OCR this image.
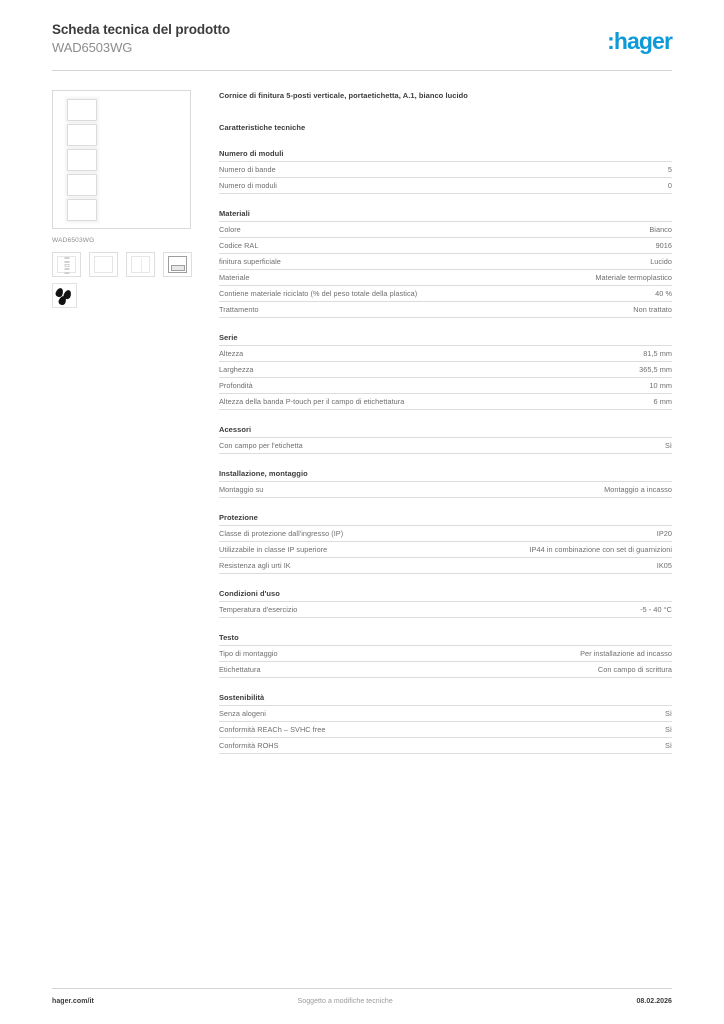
Scheda tecnica del prodotto
WAD6503WG	:hager
WAD6503WG
Cornice di finitura 5-posti verticale, portaetichetta, A.1, bianco lucido
Caratteristiche tecniche
Numero di moduli
Numero di bande	5
Numero di moduli	0
Materiali
Colore	Bianco
Codice RAL	9016
finitura superficiale	Lucido
Materiale	Materiale termoplastico
Contiene materiale riciclato (% del peso totale della plastica)	40 %
Trattamento	Non trattato
Serie
Altezza	81,5 mm
Larghezza	365,5 mm
Profondità	10 mm
Altezza della banda P-touch per il campo di etichettatura	6 mm
Acessori
Con campo per l'etichetta	Sì
Installazione, montaggio
Montaggio su	Montaggio a incasso
Protezione
Classe di protezione dall'ingresso (IP)	IP20
Utilizzabile in classe IP superiore	IP44 in combinazione con set di guarnizioni
Resistenza agli urti IK	IK05
Condizioni d'uso
Temperatura d'esercizio	-5 - 40 °C
Testo
Tipo di montaggio	Per installazione ad incasso
Etichettatura	Con campo di scrittura
Sostenibilità
Senza alogeni	Sì
Conformità REACh – SVHC free	Sì
Conformità ROHS	Sì
hager.com/it	Soggetto a modifiche tecniche	08.02.2026
